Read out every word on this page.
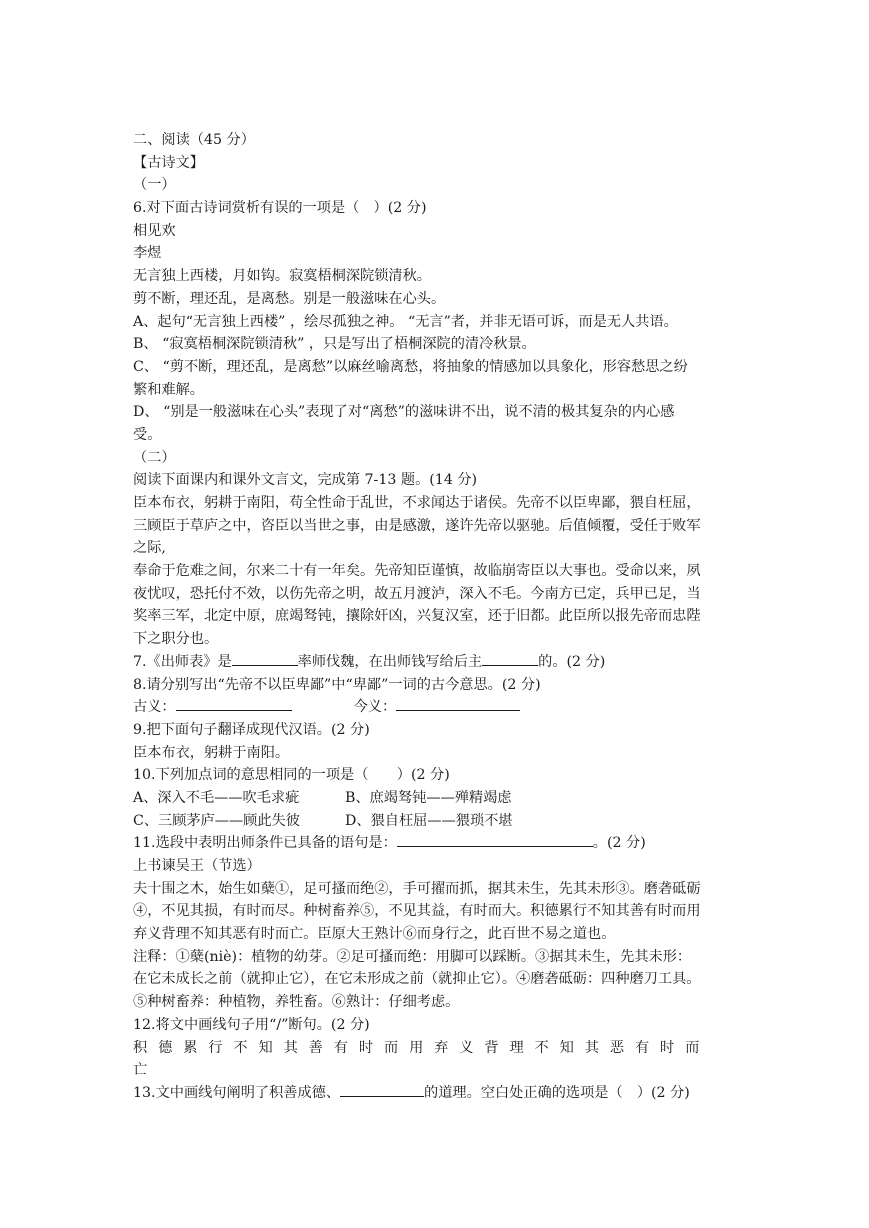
二、阅读（45 分）
【古诗文】
（一）
6.对下面古诗词赏析有误的一项是（　）(2 分)
相见欢
李煜
无言独上西楼，月如钩。寂寞梧桐深院锁清秋。
剪不断，理还乱，是离愁。别是一般滋味在心头。
A、起句“无言独上西楼” ，绘尽孤独之神。 “无言”者，并非无语可诉，而是无人共语。
B、 “寂寞梧桐深院锁清秋” ，只是写出了梧桐深院的清冷秋景。
C、 “剪不断，理还乱，是离愁”以麻丝喻离愁，将抽象的情感加以具象化，形容愁思之纷
繁和难解。
D、 “别是一般滋味在心头”表现了对“离愁”的滋味讲不出，说不清的极其复杂的内心感
受。
（二）
阅读下面课内和课外文言文，完成第 7-13 题。(14 分)
臣本布衣，躬耕于南阳，苟全性命于乱世，不求闻达于诸侯。先帝不以臣卑鄙，猥自枉屈，
三顾臣于草庐之中，咨臣以当世之事，由是感激，遂许先帝以驱驰。后值倾覆，受任于败军
之际,
奉命于危难之间，尔来二十有一年矣。先帝知臣谨慎，故临崩寄臣以大事也。受命以来，夙
夜忧叹，恐托付不效，以伤先帝之明，故五月渡泸，深入不毛。今南方已定，兵甲已足，当
奖率三军，北定中原，庶竭驽钝，攘除奸凶，兴复汉室，还于旧都。此臣所以报先帝而忠陛
下之职分也。
7.《出师表》是	率师伐魏，在出师钱写给后主	的。(2 分)
8.请分别写出“先帝不以臣卑鄙”中“卑鄙”一词的古今意思。(2 分)
古义：	今义：
9.把下面句子翻译成现代汉语。(2 分)
臣本布衣，躬耕于南阳。
10.下列加点词的意思相同的一项是（　　）(2 分)
A、深入不毛——吹毛求疵	B、庶竭驽钝——殚精竭虑
C、三顾茅庐——顾此失彼	D、猥自枉屈——猥琐不堪
11.选段中表明出师条件已具备的语句是：	。(2 分)
上书谏吴王（节选）
夫十围之木，始生如蘖①，足可搔而绝②，手可擢而抓，据其未生，先其未形③。磨砻砥砺
④，不见其损，有时而尽。种树畜养⑤，不见其益，有时而大。积德累行不知其善有时而用
弃义背理不知其恶有时而亡。臣原大王熟计⑥而身行之，此百世不易之道也。
注释：①蘖(niè)：植物的幼芽。②足可搔而绝：用脚可以踩断。③据其未生，先其未形：
在它未成长之前（就抑止它），在它未形成之前（就抑止它）。④磨砻砥砺：四种磨刀工具。
⑤种树畜养：种植物，养牲畜。⑥熟计：仔细考虑。
12.将文中画线句子用“/”断句。(2 分)
积 德 累 行 不 知 其 善 有 时 而 用 弃 义 背 理 不 知 其 恶 有 时 而
亡
13.文中画线句阐明了积善成德、	的道理。空白处正确的选项是（　）(2 分)
